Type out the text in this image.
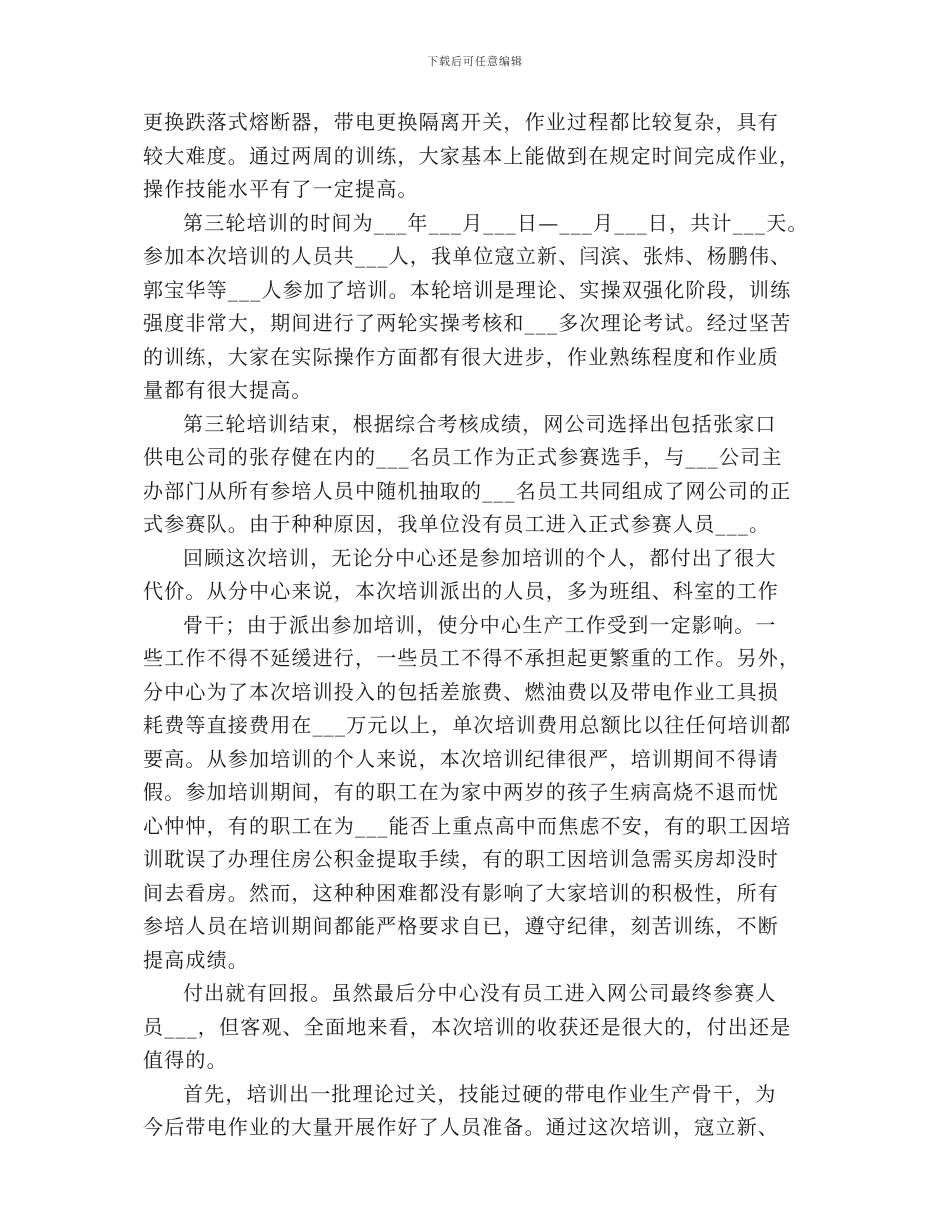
下载后可任意编辑
更换跌落式熔断器，带电更换隔离开关，作业过程都比较复杂，具有
较大难度。通过两周的训练，大家基本上能做到在规定时间完成作业，
操作技能水平有了一定提高。
第三轮培训的时间为___年___月___日—___月___日，共计___天。
参加本次培训的人员共___人，我单位寇立新、闫滨、张炜、杨鹏伟、
郭宝华等___人参加了培训。本轮培训是理论、实操双强化阶段，训练
强度非常大，期间进行了两轮实操考核和___多次理论考试。经过坚苦
的训练，大家在实际操作方面都有很大进步，作业熟练程度和作业质
量都有很大提高。
第三轮培训结束，根据综合考核成绩，网公司选择出包括张家口
供电公司的张存健在内的___名员工作为正式参赛选手，与___公司主
办部门从所有参培人员中随机抽取的___名员工共同组成了网公司的正
式参赛队。由于种种原因，我单位没有员工进入正式参赛人员___。
回顾这次培训，无论分中心还是参加培训的个人，都付出了很大
代价。从分中心来说，本次培训派出的人员，多为班组、科室的工作
骨干；由于派出参加培训，使分中心生产工作受到一定影响。一
些工作不得不延缓进行，一些员工不得不承担起更繁重的工作。另外，
分中心为了本次培训投入的包括差旅费、燃油费以及带电作业工具损
耗费等直接费用在___万元以上，单次培训费用总额比以往任何培训都
要高。从参加培训的个人来说，本次培训纪律很严，培训期间不得请
假。参加培训期间，有的职工在为家中两岁的孩子生病高烧不退而忧
心忡忡，有的职工在为___能否上重点高中而焦虑不安，有的职工因培
训耽误了办理住房公积金提取手续，有的职工因培训急需买房却没时
间去看房。然而，这种种困难都没有影响了大家培训的积极性，所有
参培人员在培训期间都能严格要求自已，遵守纪律，刻苦训练，不断
提高成绩。
付出就有回报。虽然最后分中心没有员工进入网公司最终参赛人
员___，但客观、全面地来看，本次培训的收获还是很大的，付出还是
值得的。
首先，培训出一批理论过关，技能过硬的带电作业生产骨干，为
今后带电作业的大量开展作好了人员准备。通过这次培训，寇立新、
